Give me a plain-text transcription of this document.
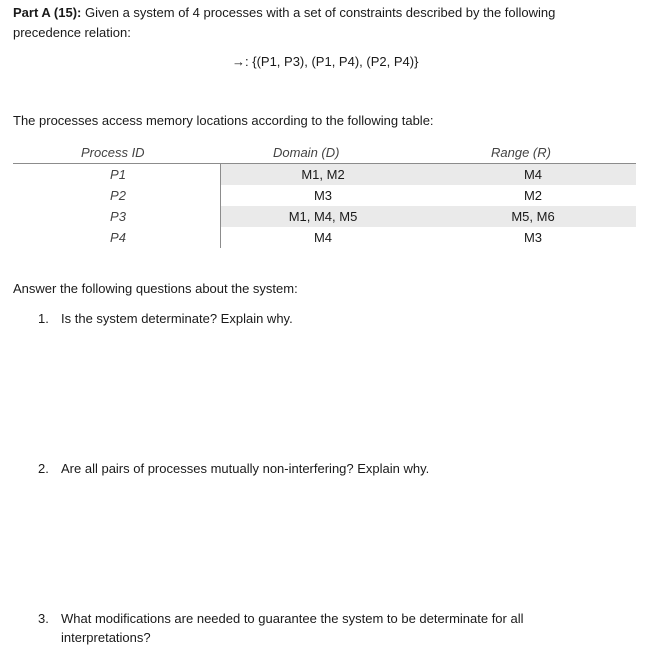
Part A (15): Given a system of 4 processes with a set of constraints described by the following precedence relation:
→: {(P1, P3), (P1, P4), (P2, P4)}
The processes access memory locations according to the following table:
Process ID	Domain (D)	Range (R)
P1	M1, M2	M4
P2	M3	M2
P3	M1, M4, M5	M5, M6
P4	M4	M3
Answer the following questions about the system:
1. Is the system determinate? Explain why.
2. Are all pairs of processes mutually non-interfering? Explain why.
3. What modifications are needed to guarantee the system to be determinate for all interpretations?
